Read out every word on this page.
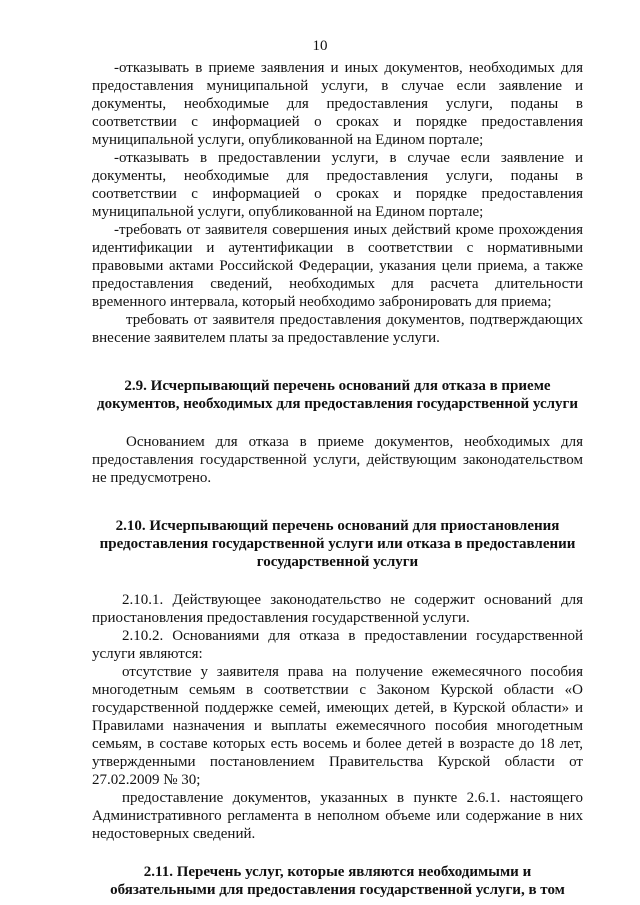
10

-отказывать в приеме заявления и иных документов, необходимых для предоставления муниципальной услуги, в случае если заявление и документы, необходимые для предоставления услуги, поданы в соответствии с информацией о сроках и порядке предоставления муниципальной услуги, опубликованной на Едином портале;

-отказывать в предоставлении услуги, в случае если заявление и документы, необходимые для предоставления услуги, поданы в соответствии с информацией о сроках и порядке предоставления муниципальной услуги, опубликованной на Едином портале;

-требовать от заявителя совершения иных действий кроме прохождения идентификации и аутентификации в соответствии с нормативными правовыми актами Российской Федерации, указания цели приема, а также предоставления сведений, необходимых для расчета длительности временного интервала, который необходимо забронировать для приема;

требовать от заявителя предоставления документов, подтверждающих внесение заявителем платы за предоставление услуги.

2.9. Исчерпывающий перечень оснований для отказа в приеме документов, необходимых для предоставления государственной услуги

Основанием для отказа в приеме документов, необходимых для предоставления государственной услуги, действующим законодательством не предусмотрено.

2.10. Исчерпывающий перечень оснований для приостановления предоставления государственной услуги или отказа в предоставлении государственной услуги

2.10.1. Действующее законодательство не содержит оснований для приостановления предоставления государственной услуги.

2.10.2. Основаниями для отказа в предоставлении государственной услуги являются:

отсутствие у заявителя права на получение ежемесячного пособия многодетным семьям в соответствии с Законом Курской области «О государственной поддержке семей, имеющих детей, в Курской области» и Правилами назначения и выплаты ежемесячного пособия многодетным семьям, в составе которых есть восемь и более детей в возрасте до 18 лет, утвержденными постановлением Правительства Курской области от 27.02.2009 № 30;

предоставление документов, указанных в пункте 2.6.1. настоящего Административного регламента в неполном объеме или содержание в них недостоверных сведений.

2.11. Перечень услуг, которые являются необходимыми и обязательными для предоставления государственной услуги, в том
